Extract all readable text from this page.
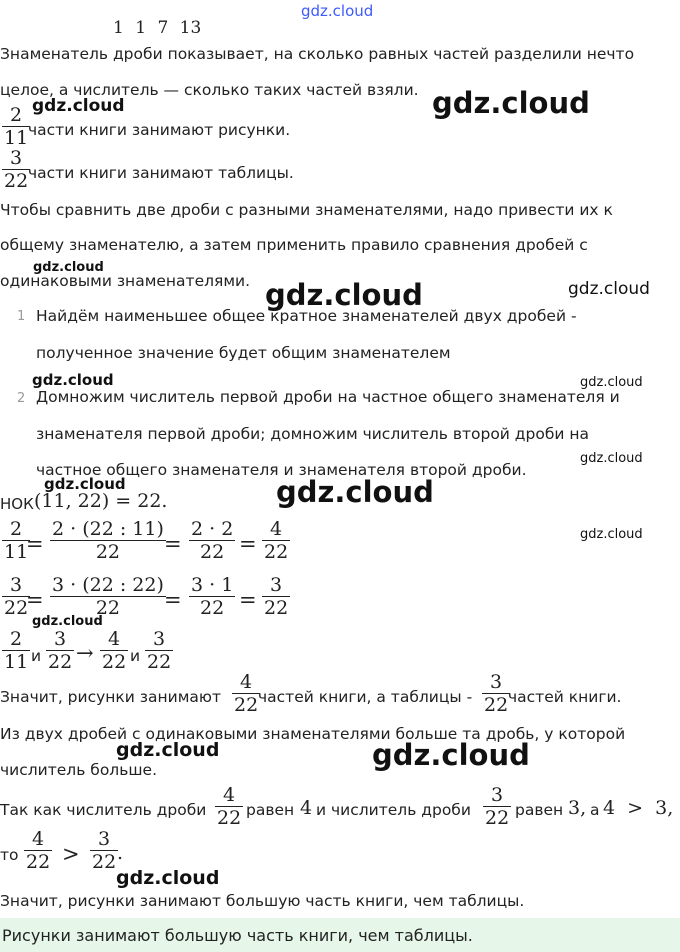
gdz.cloud
1 1 7 13
Знаменатель дроби показывает, на сколько равных частей разделили нечто
целое, а числитель — сколько таких частей взяли.
2
11 части книги занимают рисунки.
3
22 части книги занимают таблицы.
Чтобы сравнить две дроби с разными знаменателями, надо привести их к
общему знаменателю, а затем применить правило сравнения дробей с
одинаковыми знаменателями.
1 Найдём наименьшее общее кратное знаменателей двух дробей -
полученное значение будет общим знаменателем
2 Домножим числитель первой дроби на частное общего знаменателя и
знаменателя первой дроби; домножим числитель второй дроби на
частное общего знаменателя и знаменателя второй дроби.
НОК (11, 22) = 22.
2
11
=
2 · (22 : 11)
22 =
2 · 2
22 =
4
22
3
22
=
3 · (22 : 22)
22 =
3 · 1
22 =
3
22
2
11 и
3
22 →
4
22 и
3
22
Значит, рисунки занимают
4
22 частей книги, а таблицы -
3
22 частей книги.
Из двух дробей с одинаковыми знаменателями больше та дробь, у которой
числитель больше.
Так как числитель дроби
4
22 равен 4 и числитель дроби
3
22 равен 3, а 4  >  3,
то
4
22 >
3
22 .
Значит, рисунки занимают большую часть книги, чем таблицы.
Рисунки занимают большую часть книги, чем таблицы.
gdz.cloud	gdz.cloud
gdz.cloud
gdz.cloud	gdz.cloud
gdz.cloud	gdz.cloud
gdz.cloud
gdz.cloud	gdz.cloud
gdz.cloud
gdz.cloud
gdz.cloud	gdz.cloud
gdz.cloud
